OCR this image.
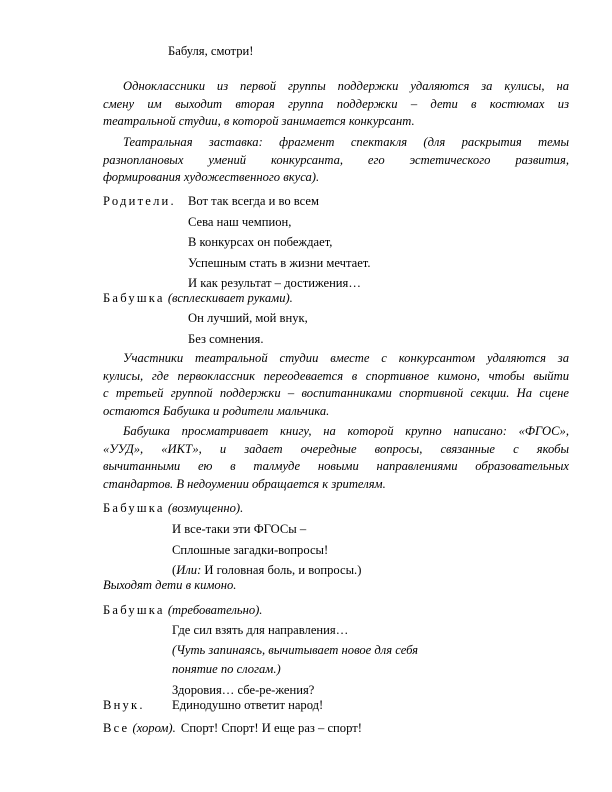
Бабуля, смотри!
Одноклассники из первой группы поддержки удаляются за кулисы, на
смену им выходит вторая группа поддержки – дети в костюмах из
театральной студии, в которой занимается конкурсант.
Театральная заставка: фрагмент спектакля (для раскрытия темы
разноплановых умений конкурсанта, его эстетического развития,
формирования художественного вкуса).
Родители. Вот так всегда и во всем
Сева наш чемпион,
В конкурсах он побеждает,
Успешным стать в жизни мечтает.
И как результат – достижения…
Бабушка (всплескивает руками).
Он лучший, мой внук,
Без сомнения.
Участники театральной студии вместе с конкурсантом удаляются за
кулисы, где первоклассник переодевается в спортивное кимоно, чтобы выйти
с третьей группой поддержки – воспитанниками спортивной секции. На сцене
остаются Бабушка и родители мальчика.
Бабушка просматривает книгу, на которой крупно написано: «ФГОС»,
«УУД», «ИКТ», и задает очередные вопросы, связанные с якобы
вычитанными ею в талмуде новыми направлениями образовательных
стандартов. В недоумении обращается к зрителям.
Бабушка (возмущенно).
И все-таки эти ФГОСы –
Сплошные загадки-вопросы!
(Или: И головная боль, и вопросы.)
Выходят дети в кимоно.
Бабушка (требовательно).
Где сил взять для направления…
(Чуть запинаясь, вычитывает новое для себя
понятие по слогам.)
Здоровия… сбе-ре-жения?
Внук. Единодушно ответит народ!
Все (хором). Спорт! Спорт! И еще раз – спорт!
